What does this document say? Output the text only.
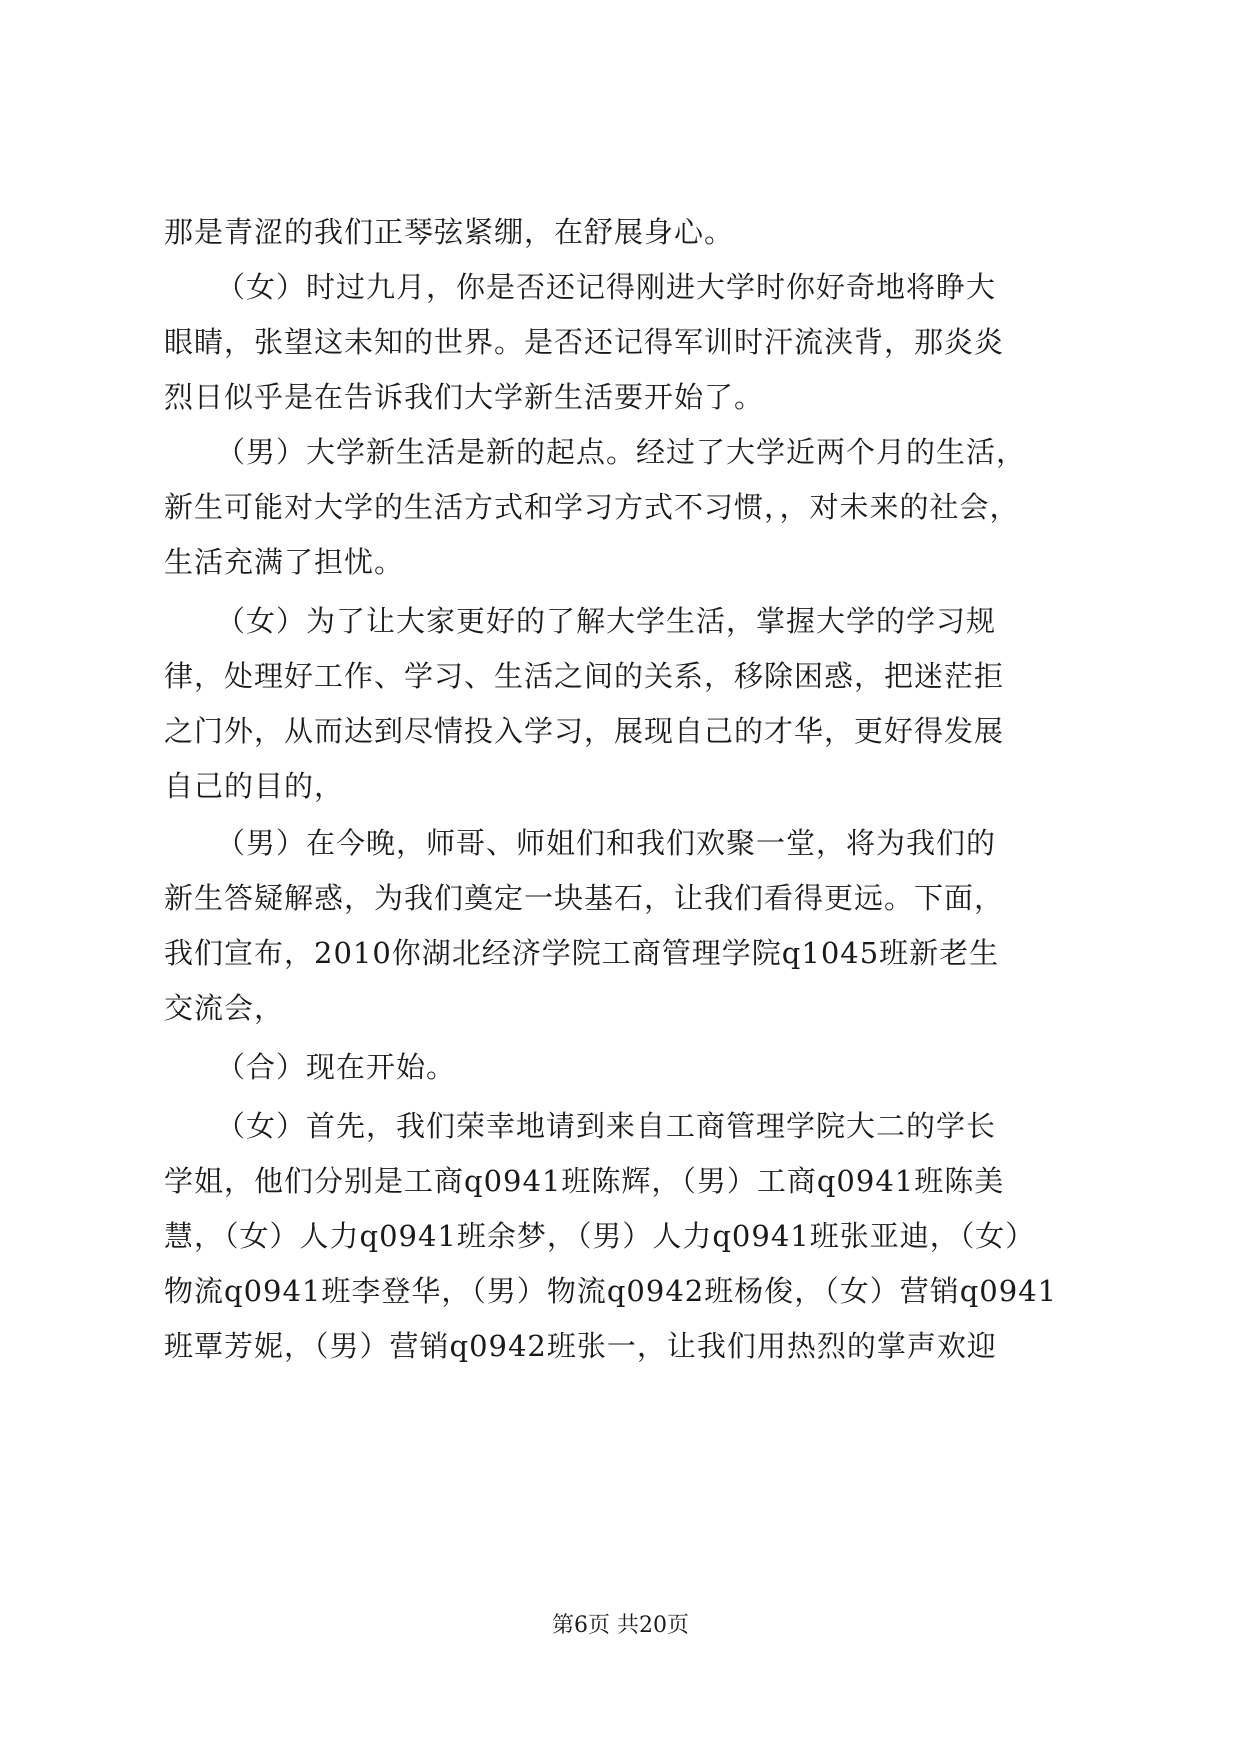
那是青涩的我们正琴弦紧绷，在舒展身心。
（女）时过九月，你是否还记得刚进大学时你好奇地将睁大
眼睛，张望这未知的世界。是否还记得军训时汗流浃背，那炎炎
烈日似乎是在告诉我们大学新生活要开始了。
（男）大学新生活是新的起点。经过了大学近两个月的生活，
新生可能对大学的生活方式和学习方式不习惯，，对未来的社会，
生活充满了担忧。
（女）为了让大家更好的了解大学生活，掌握大学的学习规
律，处理好工作、学习、生活之间的关系，移除困惑，把迷茫拒
之门外，从而达到尽情投入学习，展现自己的才华，更好得发展
自己的目的，
（男）在今晚，师哥、师姐们和我们欢聚一堂，将为我们的
新生答疑解惑，为我们奠定一块基石，让我们看得更远。下面，
我们宣布，2010你湖北经济学院工商管理学院q1045班新老生
交流会，
（合）现在开始。
（女）首先，我们荣幸地请到来自工商管理学院大二的学长
学姐，他们分别是工商q0941班陈辉，（男）工商q0941班陈美
慧，（女）人力q0941班余梦，（男）人力q0941班张亚迪，（女）
物流q0941班李登华，（男）物流q0942班杨俊，（女）营销q0941
班覃芳妮，（男）营销q0942班张一，让我们用热烈的掌声欢迎
第6页 共20页
